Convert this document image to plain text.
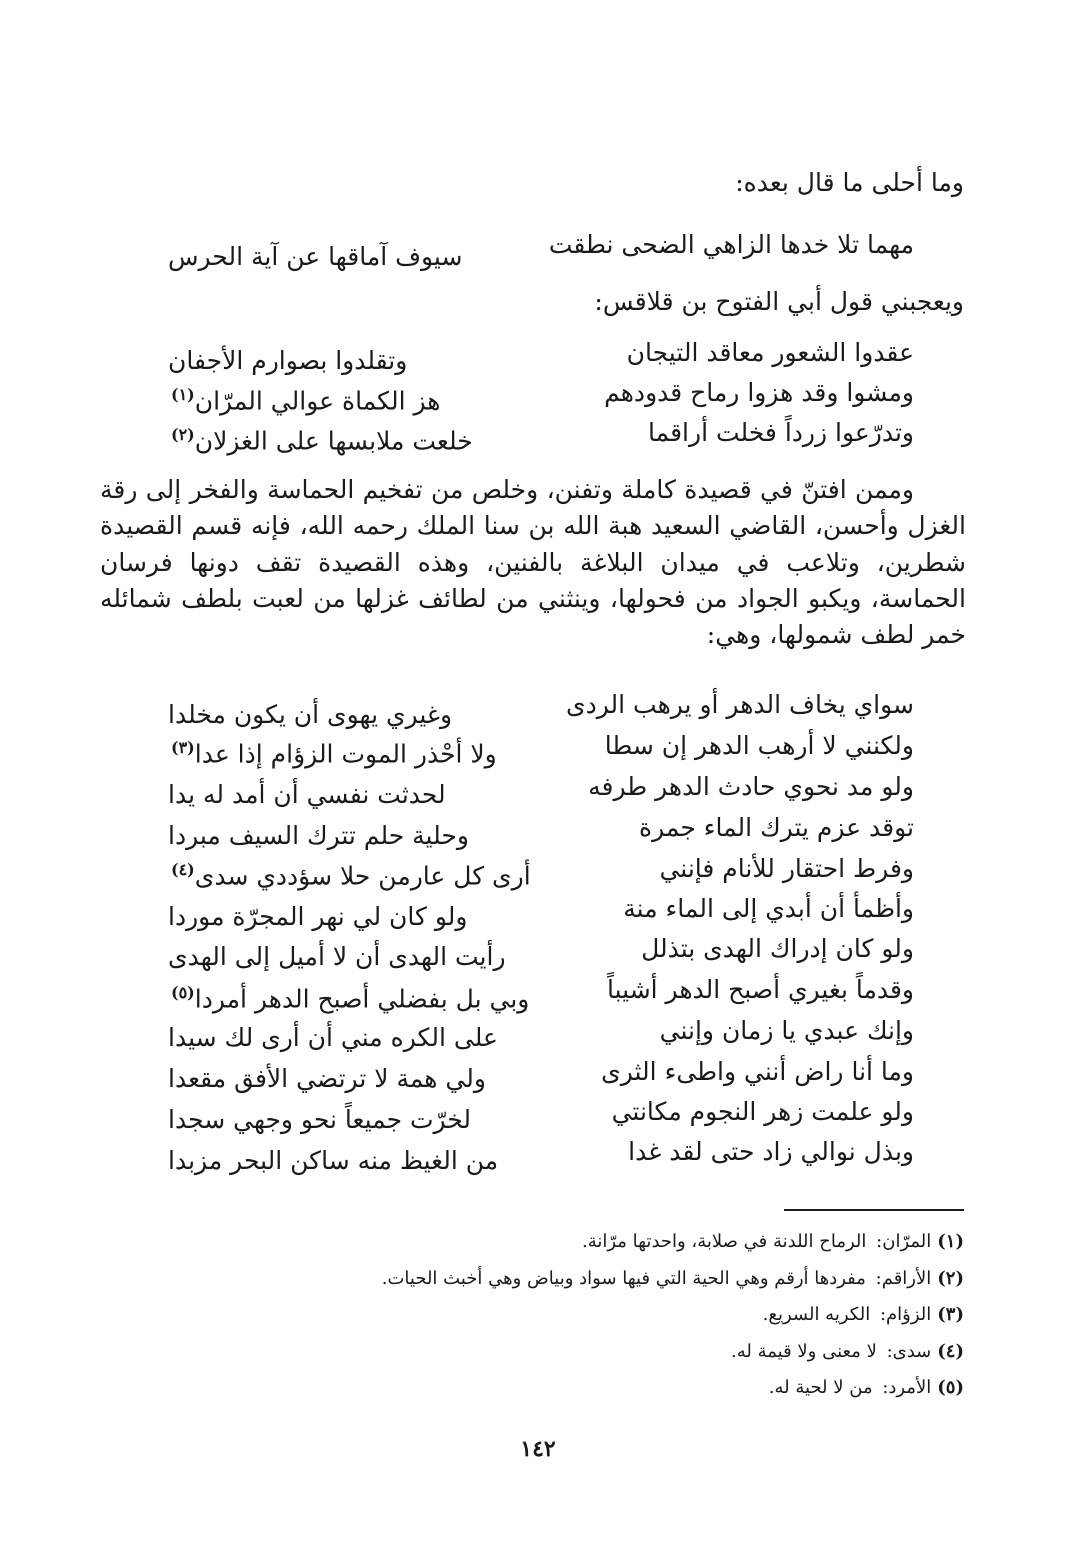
وما أحلى ما قال بعده:
مهما تلا خدها الزاهي الضحى نطقت
سيوف آماقها عن آية الحرس
ويعجبني قول أبي الفتوح بن قلاقس:
عقدوا الشعور معاقد التيجان
وتقلدوا بصوارم الأجفان
ومشوا وقد هزوا رماح قدودهم
هز الكماة عوالي المرّان$^{(١)}$
وتدرّعوا زرداً فخلت أراقما
خلعت ملابسها على الغزلان$^{(٢)}$

وممن افتنّ في قصيدة كاملة وتفنن، وخلص من تفخيم الحماسة والفخر إلى رقة الغزل وأحسن، القاضي السعيد هبة الله بن سنا الملك رحمه الله، فإنه قسم القصيدة شطرين، وتلاعب في ميدان البلاغة بالفنين، وهذه القصيدة تقف دونها فرسان الحماسة، ويكبو الجواد من فحولها، وينثني من لطائف غزلها من لعبت بلطف شمائله خمر لطف شمولها، وهي:

سواي يخاف الدهر أو يرهب الردى
وغيري يهوى أن يكون مخلدا
ولكنني لا أرهب الدهر إن سطا
ولا أحْذر الموت الزؤام إذا عدا$^{(٣)}$
ولو مد نحوي حادث الدهر طرفه
لحدثت نفسي أن أمد له يدا
توقد عزم يترك الماء جمرة
وحلية حلم تترك السيف مبردا
وفرط احتقار للأنام فإنني
أرى كل عارمن حلا سؤددي سدى$^{(٤)}$
وأظمأ أن أبدي إلى الماء منة
ولو كان لي نهر المجرّة موردا
ولو كان إدراك الهدى بتذلل
رأيت الهدى أن لا أميل إلى الهدى
وقدماً بغيري أصبح الدهر أشيباً
وبي بل بفضلي أصبح الدهر أمردا$^{(٥)}$
وإنك عبدي يا زمان وإنني
على الكره مني أن أرى لك سيدا
وما أنا راض أنني واطىء الثرى
ولي همة لا ترتضي الأفق مقعدا
ولو علمت زهر النجوم مكانتي
لخرّت جميعاً نحو وجهي سجدا
وبذل نوالي زاد حتى لقد غدا
من الغيظ منه ساكن البحر مزبدا
(١)المرّان: الرماح اللدنة في صلابة، واحدتها مرّانة.
(٢)الأراقم: مفردها أرقم وهي الحية التي فيها سواد وبياض وهي أخبث الحيات.
(٣)الزؤام: الكريه السريع.
(٤)سدى: لا معنى ولا قيمة له.
(٥)الأمرد: من لا لحية له.
١٤٢
